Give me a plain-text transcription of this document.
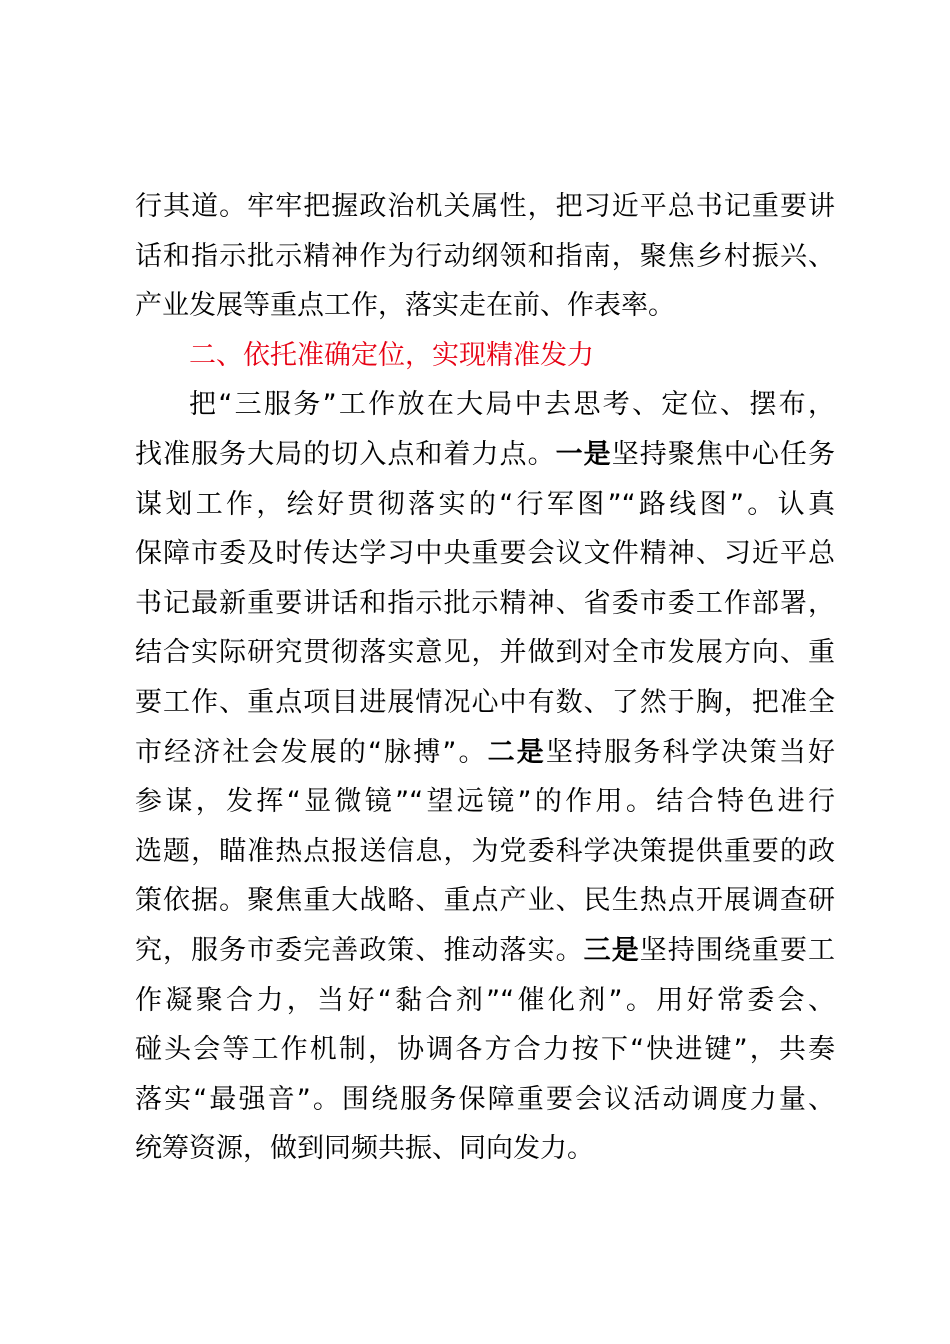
行其道。牢牢把握政治机关属性，把习近平总书记重要讲
话和指示批示精神作为行动纲领和指南，聚焦乡村振兴、
产业发展等重点工作，落实走在前、作表率。
二、依托准确定位，实现精准发力
把“三服务”工作放在大局中去思考、定位、摆布，
找准服务大局的切入点和着力点。一是坚持聚焦中心任务
谋划工作，绘好贯彻落实的“行军图”“路线图”。认真
保障市委及时传达学习中央重要会议文件精神、习近平总
书记最新重要讲话和指示批示精神、省委市委工作部署，
结合实际研究贯彻落实意见，并做到对全市发展方向、重
要工作、重点项目进展情况心中有数、了然于胸，把准全
市经济社会发展的“脉搏”。二是坚持服务科学决策当好
参谋，发挥“显微镜”“望远镜”的作用。结合特色进行
选题，瞄准热点报送信息，为党委科学决策提供重要的政
策依据。聚焦重大战略、重点产业、民生热点开展调查研
究，服务市委完善政策、推动落实。三是坚持围绕重要工
作凝聚合力，当好“黏合剂”“催化剂”。用好常委会、
碰头会等工作机制，协调各方合力按下“快进键”，共奏
落实“最强音”。围绕服务保障重要会议活动调度力量、
统筹资源，做到同频共振、同向发力。
